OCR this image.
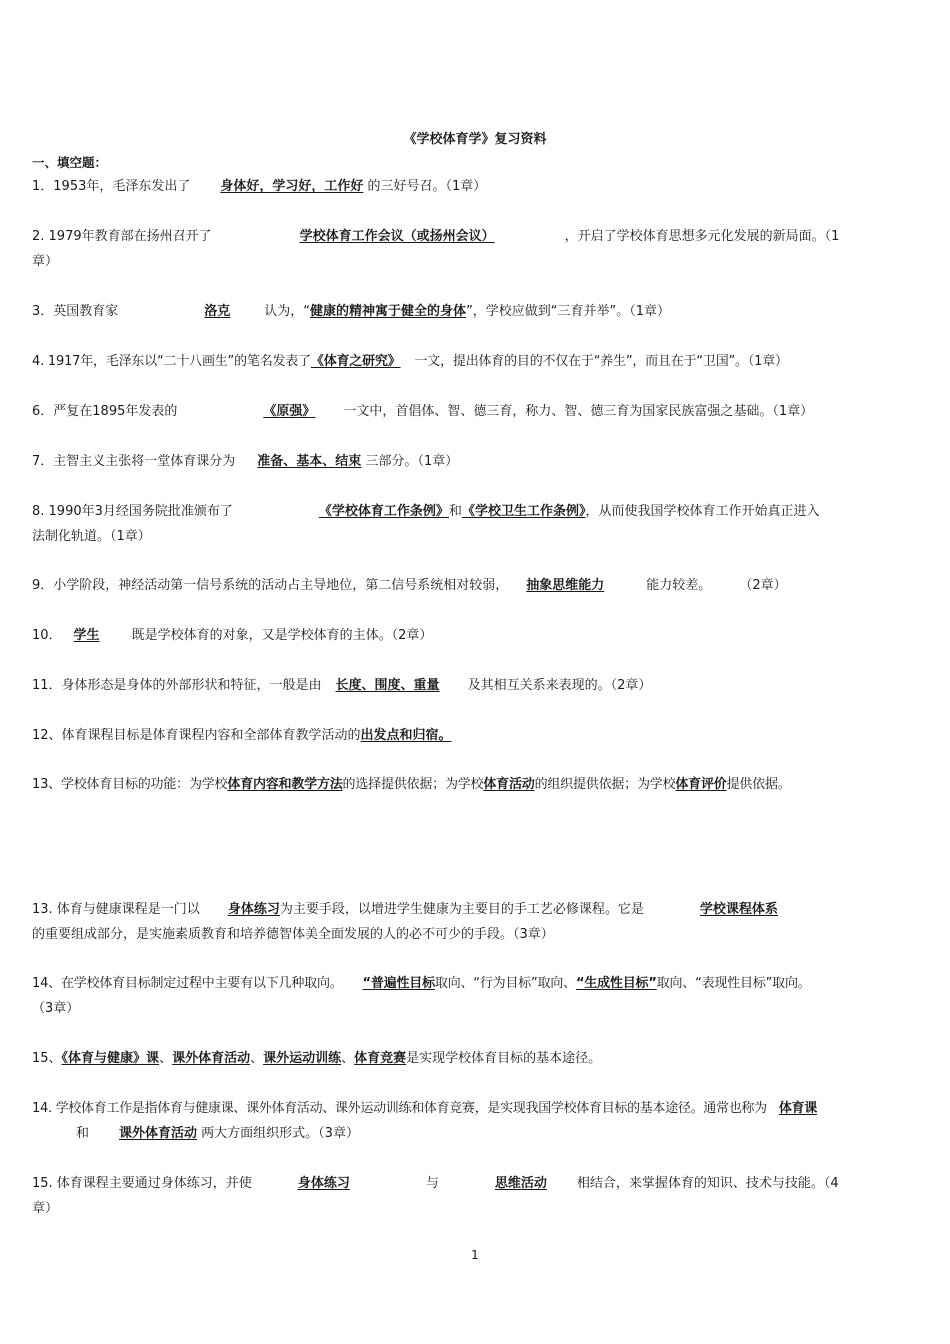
《学校体育学》复习资料
一、填空题：
1．1953年，毛泽东发出了 身体好，学习好，工作好 的三好号召。（1章）
2. 1979年教育部在扬州召开了	学校体育工作会议（或扬州会议）	，开启了学校体育思想多元化发展的新局面。（1
章）
3．英国教育家	洛克	认为，“健康的精神寓于健全的身体”，学校应做到“三育并举”。（1章）
4. 1917年，毛泽东以“二十八画生”的笔名发表了《体育之研究》 一文，提出体育的目的不仅在于“养生”，而且在于“卫国”。（1章）
6．严复在1895年发表的	《原强》 一文中，首倡体、智、德三育，称力、智、德三育为国家民族富强之基础。（1章）
7．主智主义主张将一堂体育课分为 准备、基本、结束 三部分。（1章）
8. 1990年3月经国务院批准颁布了	《学校体育工作条例》和《学校卫生工作条例》，从而使我国学校体育工作开始真正进入
法制化轨道。（1章）
9．小学阶段，神经活动第一信号系统的活动占主导地位，第二信号系统相对较弱， 抽象思维能力	能力较差。 （2章）
10． 学生 既是学校体育的对象，又是学校体育的主体。（2章）
11．身体形态是身体的外部形状和特征，一般是由 长度、围度、重量 及其相互关系来表现的。（2章）
12、体育课程目标是体育课程内容和全部体育教学活动的出发点和归宿。
13、学校体育目标的功能：为学校体育内容和教学方法的选择提供依据；为学校体育活动的组织提供依据；为学校体育评价提供依据。
13. 体育与健康课程是一门以 身体练习为主要手段，以增进学生健康为主要目的手工艺必修课程。它是	学校课程体系
的重要组成部分，是实施素质教育和培养德智体美全面发展的人的必不可少的手段。（3章）
14、在学校体育目标制定过程中主要有以下几种取向。 “普遍性目标取向、“行为目标”取向、“生成性目标”取向、“表现性目标”取向。
（3章）
15、《体育与健康》课、课外体育活动、课外运动训练、体育竞赛是实现学校体育目标的基本途径。
14. 学校体育工作是指体育与健康课、课外体育活动、课外运动训练和体育竞赛，是实现我国学校体育目标的基本途径。通常也称为 体育课
和 课外体育活动 两大方面组织形式。（3章）
15. 体育课程主要通过身体练习，并使	身体练习	与	思维活动 相结合，来掌握体育的知识、技术与技能。（4
章）
1
